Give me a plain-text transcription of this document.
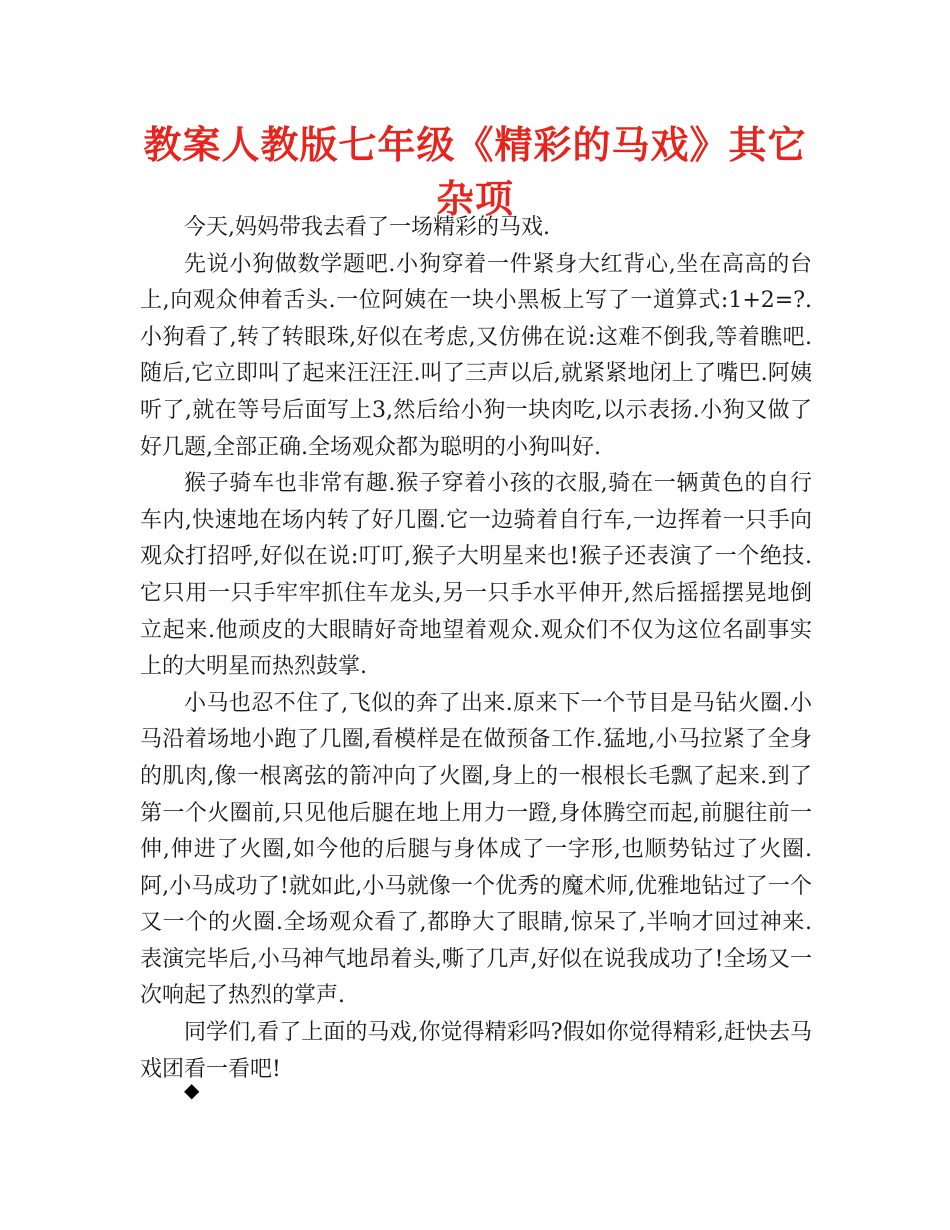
教案人教版七年级《精彩的马戏》其它杂项

今天,妈妈带我去看了一场精彩的马戏.

先说小狗做数学题吧.小狗穿着一件紧身大红背心,坐在高高的台上,向观众伸着舌头.一位阿姨在一块小黑板上写了一道算式:1+2=?.小狗看了,转了转眼珠,好似在考虑,又仿佛在说:这难不倒我,等着瞧吧.随后,它立即叫了起来汪汪汪.叫了三声以后,就紧紧地闭上了嘴巴.阿姨听了,就在等号后面写上3,然后给小狗一块肉吃,以示表扬.小狗又做了好几题,全部正确.全场观众都为聪明的小狗叫好.

猴子骑车也非常有趣.猴子穿着小孩的衣服,骑在一辆黄色的自行车内,快速地在场内转了好几圈.它一边骑着自行车,一边挥着一只手向观众打招呼,好似在说:叮叮,猴子大明星来也!猴子还表演了一个绝技.它只用一只手牢牢抓住车龙头,另一只手水平伸开,然后摇摇摆晃地倒立起来.他顽皮的大眼睛好奇地望着观众.观众们不仅为这位名副事实上的大明星而热烈鼓掌.

小马也忍不住了,飞似的奔了出来.原来下一个节目是马钻火圈.小马沿着场地小跑了几圈,看模样是在做预备工作.猛地,小马拉紧了全身的肌肉,像一根离弦的箭冲向了火圈,身上的一根根长毛飘了起来.到了第一个火圈前,只见他后腿在地上用力一蹬,身体腾空而起,前腿往前一伸,伸进了火圈,如今他的后腿与身体成了一字形,也顺势钻过了火圈.阿,小马成功了!就如此,小马就像一个优秀的魔术师,优雅地钻过了一个又一个的火圈.全场观众看了,都睁大了眼睛,惊呆了,半响才回过神来.表演完毕后,小马神气地昂着头,嘶了几声,好似在说我成功了!全场又一次响起了热烈的掌声.

同学们,看了上面的马戏,你觉得精彩吗?假如你觉得精彩,赶快去马戏团看一看吧!

◆
